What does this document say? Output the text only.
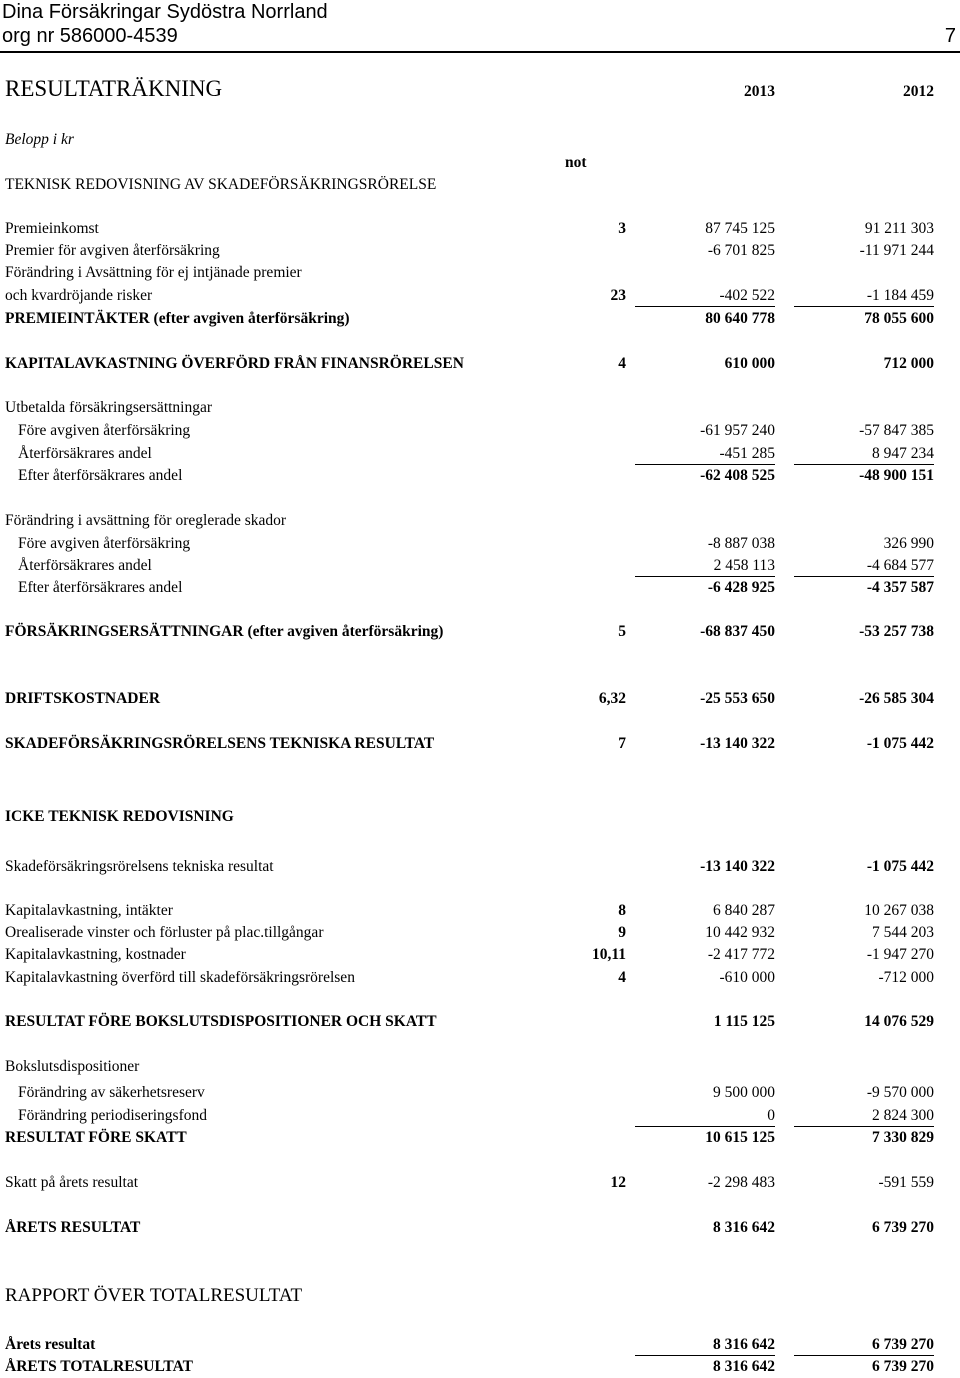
Dina Försäkringar Sydöstra Norrland
org nr 586000-4539	7
RESULTATRÄKNING	2013	2012
Belopp i kr
not
TEKNISK REDOVISNING AV SKADEFÖRSÄKRINGSRÖRELSE
Premieinkomst	3	87 745 125	91 211 303
Premier för avgiven återförsäkring	-6 701 825	-11 971 244
Förändring i Avsättning för ej intjänade premier
och kvardröjande risker	23	-402 522	-1 184 459
PREMIEINTÄKTER (efter avgiven återförsäkring)	80 640 778	78 055 600
KAPITALAVKASTNING ÖVERFÖRD FRÅN FINANSRÖRELSEN	4	610 000	712 000
Utbetalda försäkringsersättningar
Före avgiven återförsäkring	-61 957 240	-57 847 385
Återförsäkrares andel	-451 285	8 947 234
Efter återförsäkrares andel	-62 408 525	-48 900 151
Förändring i avsättning för oreglerade skador
Före avgiven återförsäkring	-8 887 038	326 990
Återförsäkrares andel	2 458 113	-4 684 577
Efter återförsäkrares andel	-6 428 925	-4 357 587
FÖRSÄKRINGSERSÄTTNINGAR (efter avgiven återförsäkring)	5	-68 837 450	-53 257 738
DRIFTSKOSTNADER	6,32	-25 553 650	-26 585 304
SKADEFÖRSÄKRINGSRÖRELSENS TEKNISKA RESULTAT	7	-13 140 322	-1 075 442
ICKE TEKNISK REDOVISNING
Skadeförsäkringsrörelsens tekniska resultat	-13 140 322	-1 075 442
Kapitalavkastning, intäkter	8	6 840 287	10 267 038
Orealiserade vinster och förluster på plac.tillgångar	9	10 442 932	7 544 203
Kapitalavkastning, kostnader	10,11	-2 417 772	-1 947 270
Kapitalavkastning överförd till skadeförsäkringsrörelsen	4	-610 000	-712 000
RESULTAT FÖRE BOKSLUTSDISPOSITIONER OCH SKATT	1 115 125	14 076 529
Bokslutsdispositioner
Förändring av säkerhetsreserv	9 500 000	-9 570 000
Förändring periodiseringsfond	0	2 824 300
RESULTAT FÖRE SKATT	10 615 125	7 330 829
Skatt på årets resultat	12	-2 298 483	-591 559
ÅRETS RESULTAT	8 316 642	6 739 270
RAPPORT ÖVER TOTALRESULTAT
Årets resultat	8 316 642	6 739 270
ÅRETS TOTALRESULTAT	8 316 642	6 739 270
